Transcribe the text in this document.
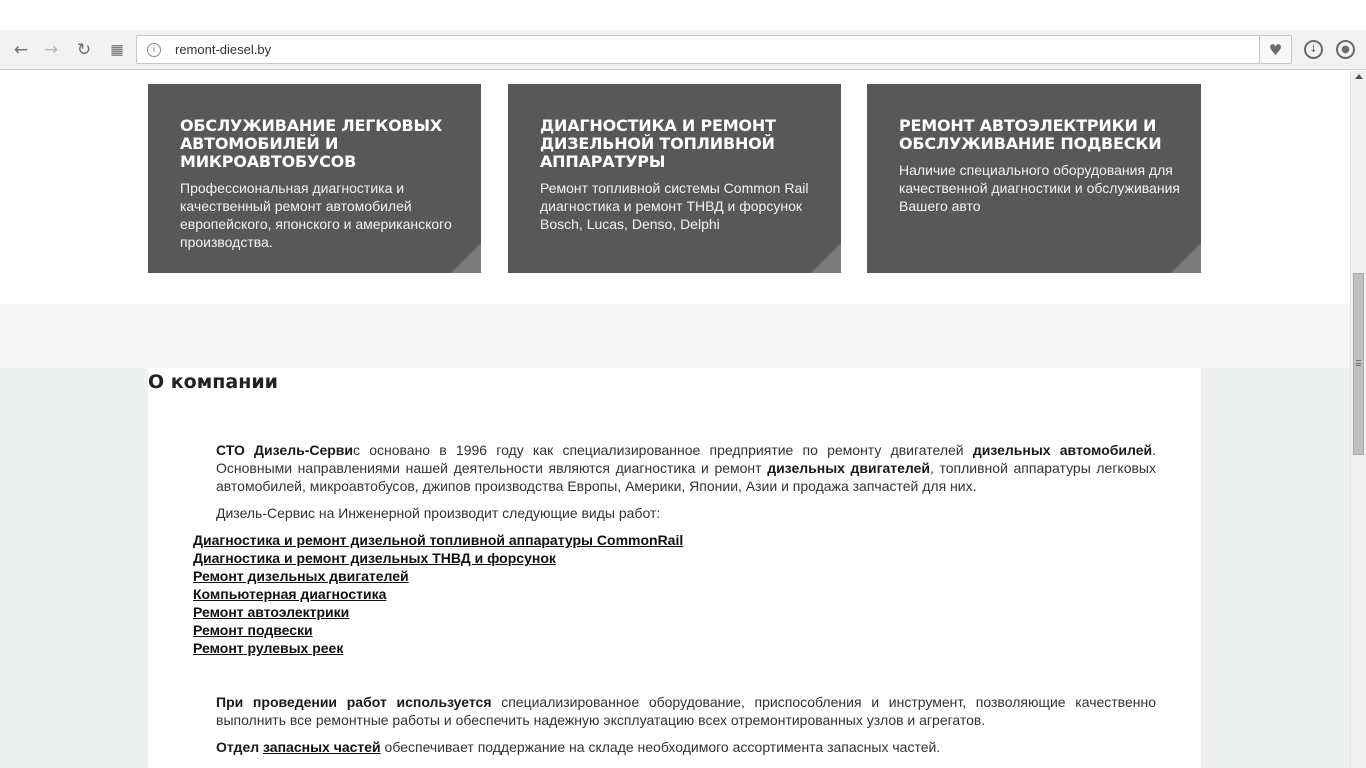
← → ↻	▦	i	remont-diesel.by	♥	↓	●
ОБСЛУЖИВАНИЕ ЛЕГКОВЫХ АВТОМОБИЛЕЙ И МИКРОАВТОБУСОВ
Профессиональная диагностика и качественный ремонт автомобилей европейского, японского и американского производства.
ДИАГНОСТИКА И РЕМОНТ ДИЗЕЛЬНОЙ ТОПЛИВНОЙ АППАРАТУРЫ
Ремонт топливной системы Common Rail диагностика и ремонт ТНВД и форсунок Bosch, Lucas, Denso, Delphi
РЕМОНТ АВТОЭЛЕКТРИКИ И ОБСЛУЖИВАНИЕ ПОДВЕСКИ
Наличие специального оборудования для качественной диагностики и обслуживания Вашего авто
О компании

СТО Дизель-Сервис основано в 1996 году как специализированное предприятие по ремонту двигателей дизельных автомобилей. Основными направлениями нашей деятельности являются диагностика и ремонт дизельных двигателей, топливной аппаратуры легковых автомобилей, микроавтобусов, джипов производства Европы, Америки, Японии, Азии и продажа запчастей для них.

Дизель-Сервис на Инженерной производит следующие виды работ:

Диагностика и ремонт дизельной топливной аппаратуры CommonRail
Диагностика и ремонт дизельных ТНВД и форсунок
Ремонт дизельных двигателей
Компьютерная диагностика
Ремонт автоэлектрики
Ремонт подвески
Ремонт рулевых реек

При проведении работ используется специализированное оборудование, приспособления и инструмент, позволяющие качественно выполнить все ремонтные работы и обеспечить надежную эксплуатацию всех отремонтированных узлов и агрегатов.

Отдел запасных частей обеспечивает поддержание на складе необходимого ассортимента запасных частей.
